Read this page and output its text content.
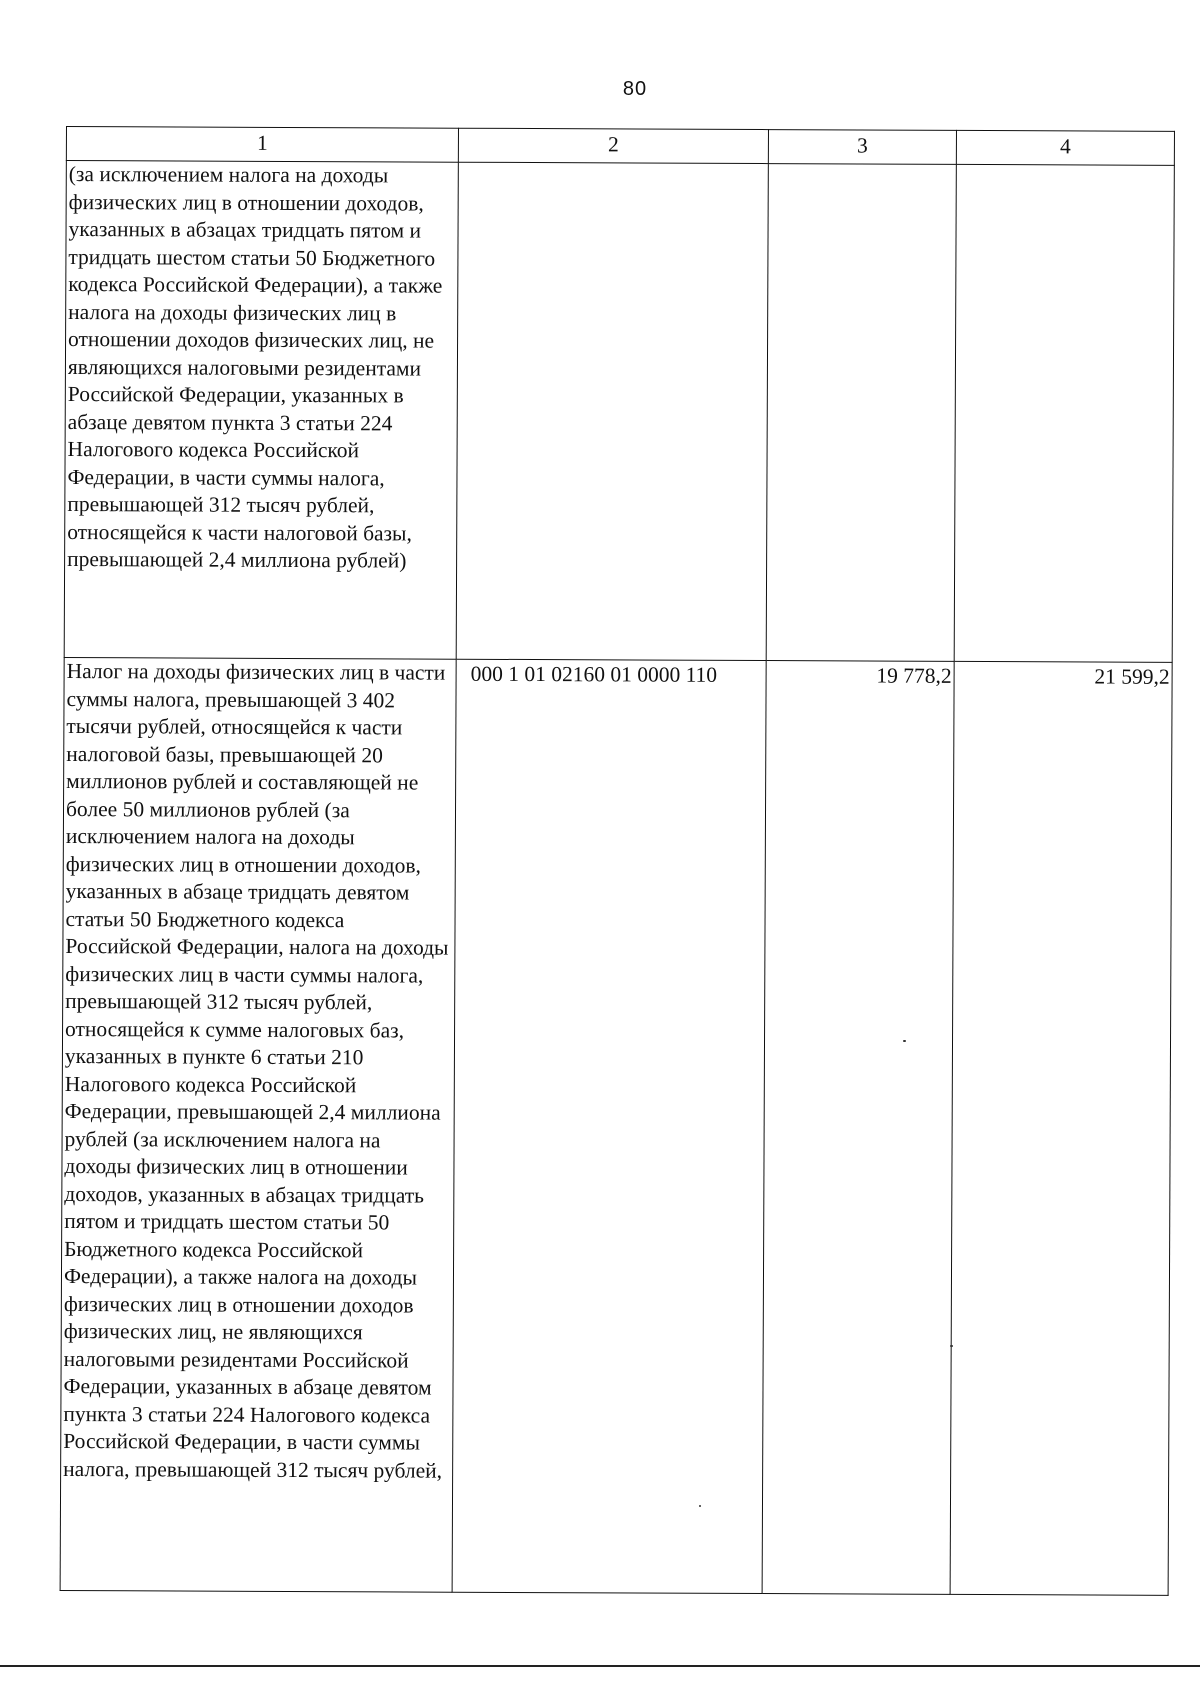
80
1	2	3	4
(за исключением налога на доходы физических лиц в отношении доходов, указанных в абзацах тридцать пятом и тридцать шестом статьи 50 Бюджетного кодекса Российской Федерации), а также налога на доходы физических лиц в отношении доходов физических лиц, не являющихся налоговыми резидентами Российской Федерации, указанных в абзаце девятом пункта 3 статьи 224 Налогового кодекса Российской Федерации, в части суммы налога, превышающей 312 тысяч рублей, относящейся к части налоговой базы, превышающей 2,4 миллиона рублей)			
Налог на доходы физических лиц в части суммы налога, превышающей 3 402 тысячи рублей, относящейся к части налоговой базы, превышающей 20 миллионов рублей и составляющей не более 50 миллионов рублей (за исключением налога на доходы физических лиц в отношении доходов, указанных в абзаце тридцать девятом статьи 50 Бюджетного кодекса Российской Федерации, налога на доходы физических лиц в части суммы налога, превышающей 312 тысяч рублей, относящейся к сумме налоговых баз, указанных в пункте 6 статьи 210 Налогового кодекса Российской Федерации, превышающей 2,4 миллиона рублей (за исключением налога на доходы физических лиц в отношении доходов, указанных в абзацах тридцать пятом и тридцать шестом статьи 50 Бюджетного кодекса Российской Федерации), а также налога на доходы физических лиц в отношении доходов физических лиц, не являющихся налоговыми резидентами Российской Федерации, указанных в абзаце девятом пункта 3 статьи 224 Налогового кодекса Российской Федерации, в части суммы налога, превышающей 312 тысяч рублей,	000 1 01 02160 01 0000 110	19 778,2	21 599,2
